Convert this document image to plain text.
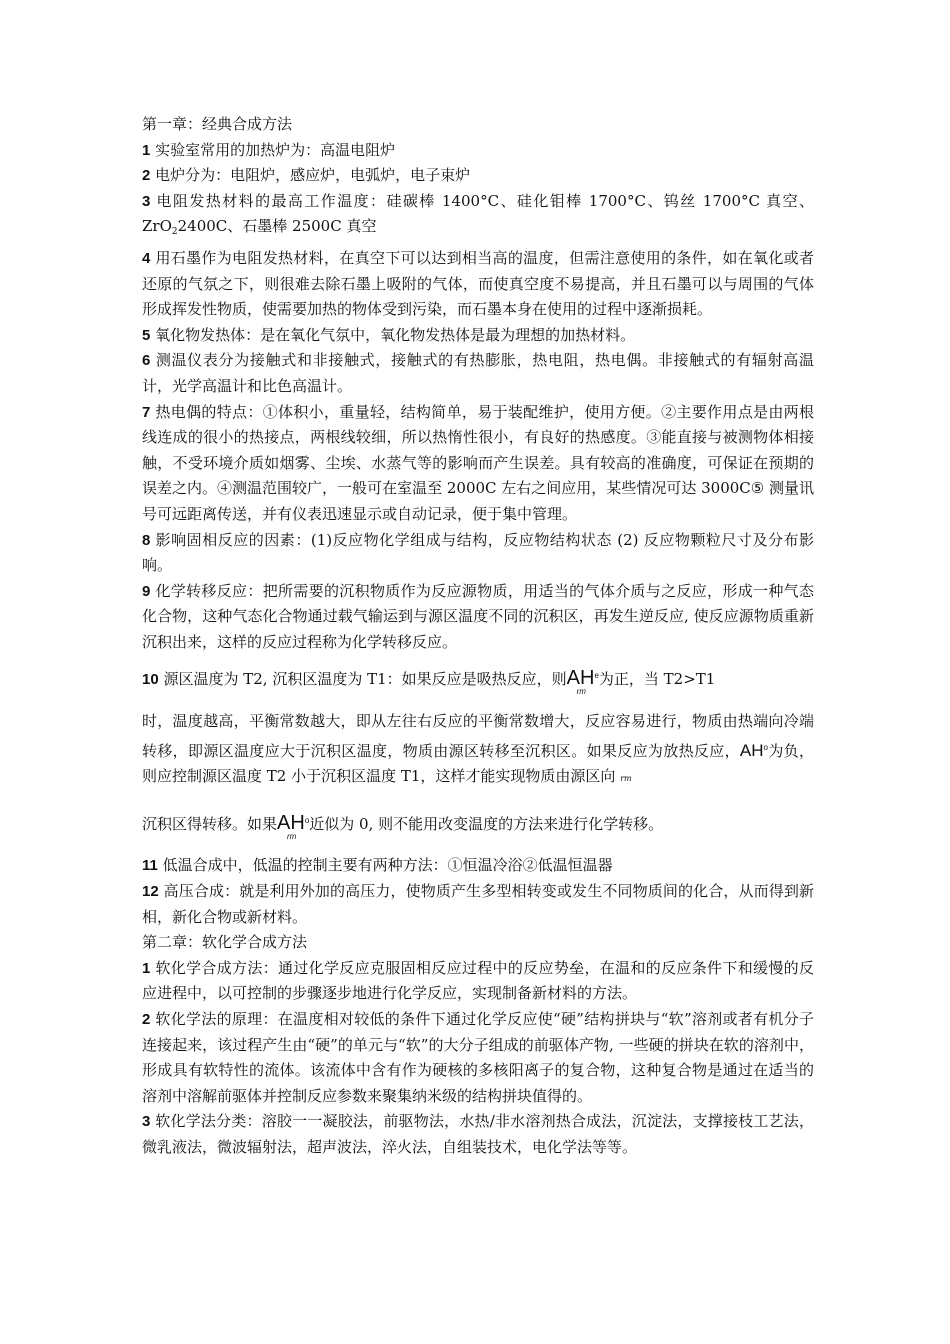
第一章：经典合成方法

1 实验室常用的加热炉为：高温电阻炉

2 电炉分为：电阻炉，感应炉，电弧炉，电子束炉

3 电阻发热材料的最高工作温度：硅碳棒 1400°C、硅化钼棒 1700°C、钨丝 1700°C 真空、ZrO$_2$2400C、石墨棒 2500C 真空

4 用石墨作为电阻发热材料，在真空下可以达到相当高的温度，但需注意使用的条件，如在氧化或者还原的气氛之下，则很难去除石墨上吸附的气体，而使真空度不易提高，并且石墨可以与周围的气体形成挥发性物质，使需要加热的物体受到污染，而石墨本身在使用的过程中逐渐损耗。

5 氧化物发热体：是在氧化气氛中，氧化物发热体是最为理想的加热材料。

6 测温仪表分为接触式和非接触式，接触式的有热膨胀，热电阻，热电偶。非接触式的有辐射高温计，光学高温计和比色高温计。

7 热电偶的特点：①体积小，重量轻，结构简单，易于装配维护，使用方便。②主要作用点是由两根线连成的很小的热接点，两根线较细，所以热惰性很小，有良好的热感度。③能直接与被测物体相接触，不受环境介质如烟雾、尘埃、水蒸气等的影响而产生误差。具有较高的准确度，可保证在预期的误差之内。④测温范围较广，一般可在室温至 2000C 左右之间应用，某些情况可达 3000C⑤ 测量讯号可远距离传送，并有仪表迅速显示或自动记录，便于集中管理。

8 影响固相反应的因素：(1)反应物化学组成与结构，反应物结构状态 (2) 反应物颗粒尺寸及分布影响。

9 化学转移反应：把所需要的沉积物质作为反应源物质，用适当的气体介质与之反应，形成一种气态化合物，这种气态化合物通过载气输运到与源区温度不同的沉积区，再发生逆反应, 使反应源物质重新沉积出来，这样的反应过程称为化学转移反应。

10 源区温度为 T2, 沉积区温度为 T1：如果反应是吸热反应，则$AH^e$
rm
为正，当 T2>T1

时，温度越高，平衡常数越大，即从左往右反应的平衡常数增大，反应容易进行，物质由热端向冷端转移，即源区温度应大于沉积区温度，物质由源区转移至沉积区。如果反应为放热反应，$AH^o$为负，则应控制源区温度 T2 小于沉积区温度 T1，这样才能实现物质由源区向 rm

沉积区得转移。如果$AH^o$
rm
近似为 0, 则不能用改变温度的方法来进行化学转移。

11 低温合成中，低温的控制主要有两种方法：①恒温冷浴②低温恒温器

12 高压合成：就是利用外加的高压力，使物质产生多型相转变或发生不同物质间的化合，从而得到新相，新化合物或新材料。

第二章：软化学合成方法

1 软化学合成方法：通过化学反应克服固相反应过程中的反应势垒，在温和的反应条件下和缓慢的反应进程中，以可控制的步骤逐步地进行化学反应，实现制备新材料的方法。

2 软化学法的原理：在温度相对较低的条件下通过化学反应使“硬”结构拼块与“软”溶剂或者有机分子连接起来，该过程产生由“硬”的单元与“软”的大分子组成的前驱体产物, 一些硬的拼块在软的溶剂中，形成具有软特性的流体。该流体中含有作为硬核的多核阳离子的复合物，这种复合物是通过在适当的溶剂中溶解前驱体并控制反应参数来聚集纳米级的结构拼块值得的。

3 软化学法分类：溶胶一一凝胶法，前驱物法，水热/非水溶剂热合成法，沉淀法，支撑接枝工艺法，微乳液法，微波辐射法，超声波法，淬火法，自组装技术，电化学法等等。
